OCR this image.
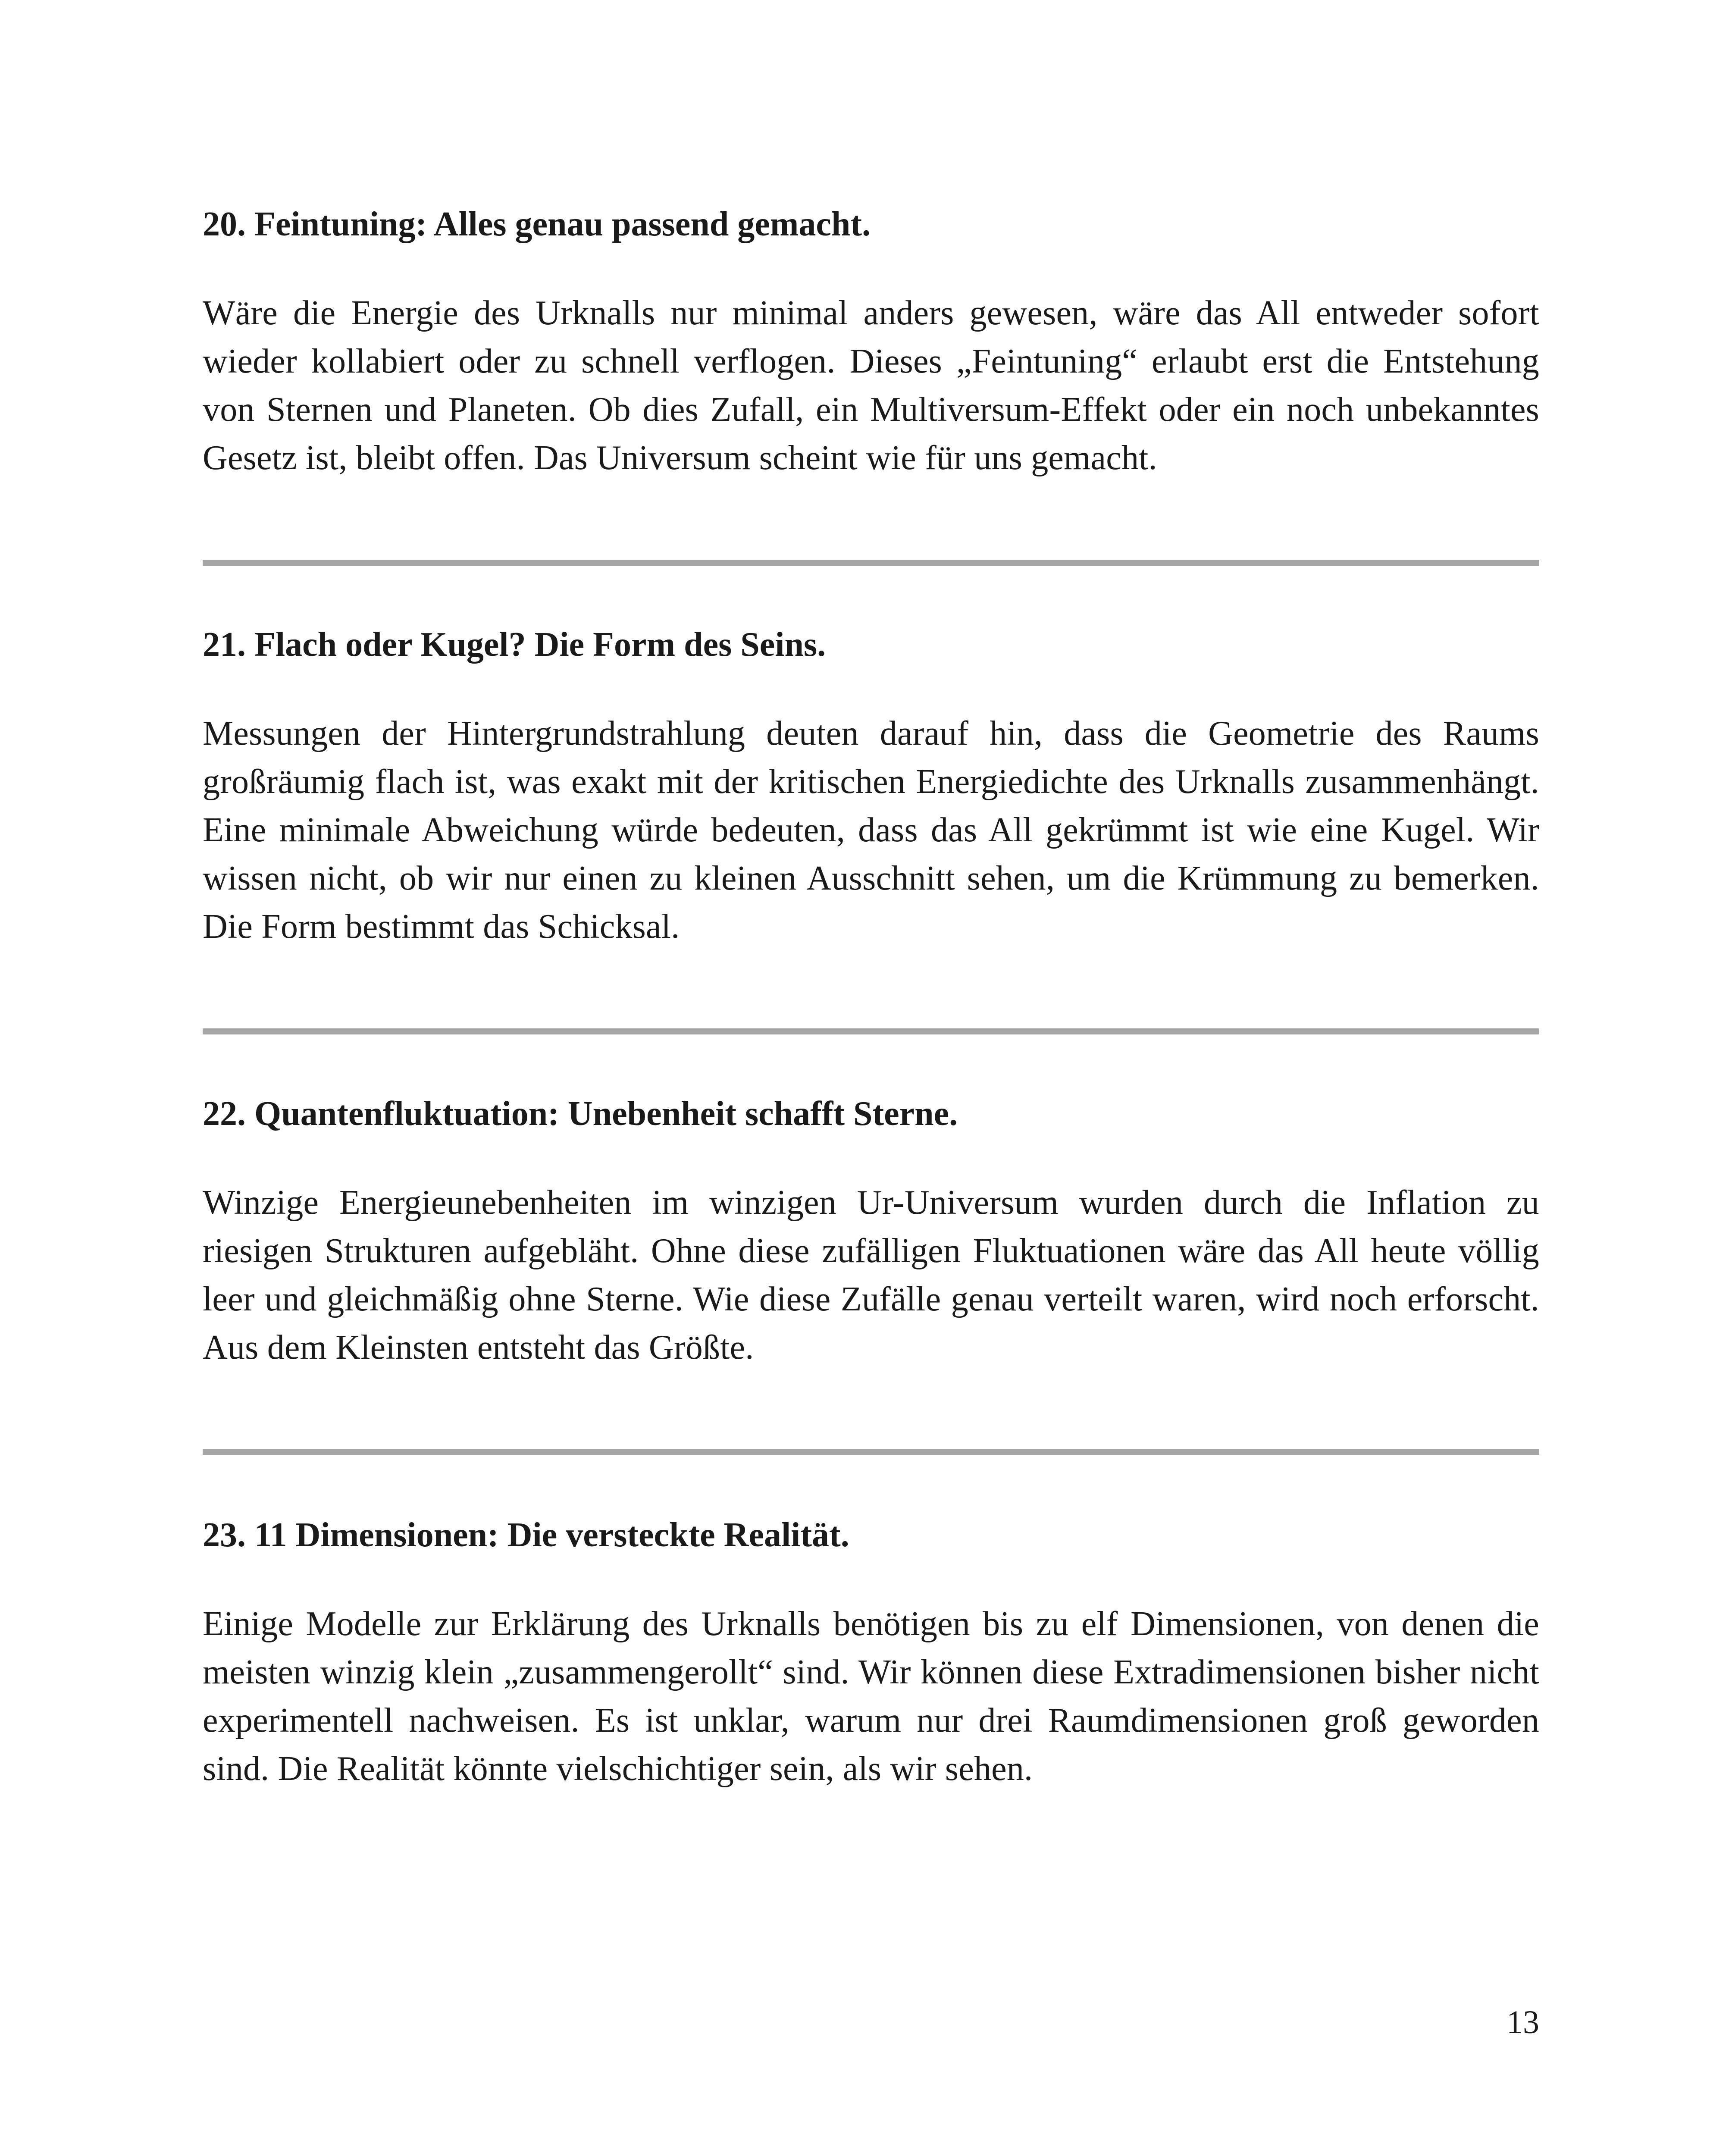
20. Feintuning: Alles genau passend gemacht.

Wäre die Energie des Urknalls nur minimal anders gewesen, wäre das All entweder sofort wieder kollabiert oder zu schnell verflogen. Dieses „Feintuning“ erlaubt erst die Entstehung von Sternen und Planeten. Ob dies Zufall, ein Multiversum-Effekt oder ein noch unbekanntes Gesetz ist, bleibt offen. Das Universum scheint wie für uns gemacht.

21. Flach oder Kugel? Die Form des Seins.

Messungen der Hintergrundstrahlung deuten darauf hin, dass die Geometrie des Raums großräumig flach ist, was exakt mit der kritischen Energiedichte des Urknalls zusammenhängt. Eine minimale Abweichung würde bedeuten, dass das All gekrümmt ist wie eine Kugel. Wir wissen nicht, ob wir nur einen zu kleinen Ausschnitt sehen, um die Krümmung zu bemerken. Die Form bestimmt das Schicksal.

22. Quantenfluktuation: Unebenheit schafft Sterne.

Winzige Energieunebenheiten im winzigen Ur-Universum wurden durch die Inflation zu riesigen Strukturen aufgebläht. Ohne diese zufälligen Fluktuationen wäre das All heute völlig leer und gleichmäßig ohne Sterne. Wie diese Zufälle genau verteilt waren, wird noch erforscht. Aus dem Kleinsten entsteht das Größte.

23. 11 Dimensionen: Die versteckte Realität.

Einige Modelle zur Erklärung des Urknalls benötigen bis zu elf Dimensionen, von denen die meisten winzig klein „zusammengerollt“ sind. Wir können diese Extradimensionen bisher nicht experimentell nachweisen. Es ist unklar, warum nur drei Raumdimensionen groß geworden sind. Die Realität könnte vielschichtiger sein, als wir sehen.

13
